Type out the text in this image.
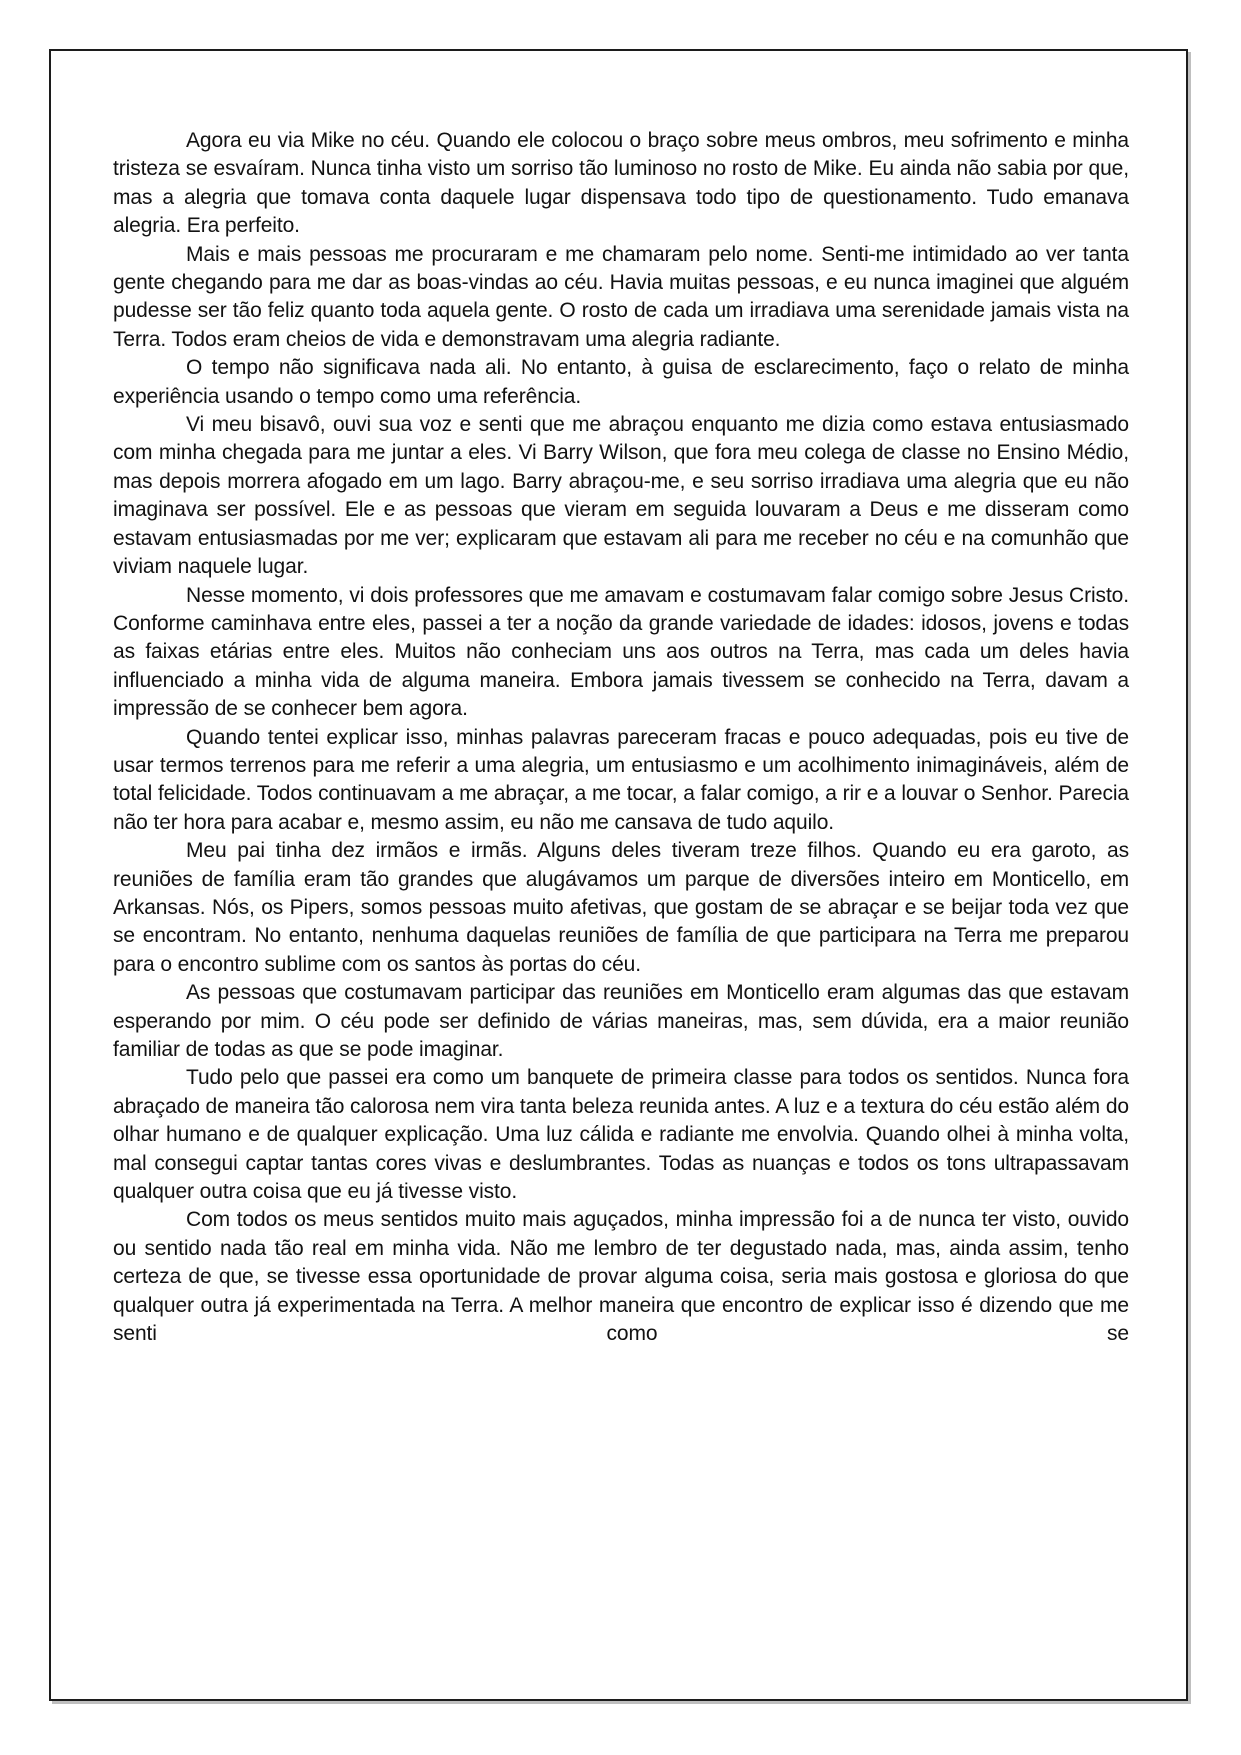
Agora eu via Mike no céu. Quando ele colocou o braço sobre meus ombros, meu sofrimento e minha tristeza se esvaíram. Nunca tinha visto um sorriso tão luminoso no rosto de Mike. Eu ainda não sabia por que, mas a alegria que tomava conta daquele lugar dispensava todo tipo de questionamento. Tudo emanava alegria. Era perfeito.

Mais e mais pessoas me procuraram e me chamaram pelo nome. Senti-me intimidado ao ver tanta gente chegando para me dar as boas-vindas ao céu. Havia muitas pessoas, e eu nunca imaginei que alguém pudesse ser tão feliz quanto toda aquela gente. O rosto de cada um irradiava uma serenidade jamais vista na Terra. Todos eram cheios de vida e demonstravam uma alegria radiante.

O tempo não significava nada ali. No entanto, à guisa de esclarecimento, faço o relato de minha experiência usando o tempo como uma referência.

Vi meu bisavô, ouvi sua voz e senti que me abraçou enquanto me dizia como estava entusiasmado com minha chegada para me juntar a eles. Vi Barry Wilson, que fora meu colega de classe no Ensino Médio, mas depois morrera afogado em um lago. Barry abraçou-me, e seu sorriso irradiava uma alegria que eu não imaginava ser possível. Ele e as pessoas que vieram em seguida louvaram a Deus e me disseram como estavam entusiasmadas por me ver; explicaram que estavam ali para me receber no céu e na comunhão que viviam naquele lugar.

Nesse momento, vi dois professores que me amavam e costumavam falar comigo sobre Jesus Cristo. Conforme caminhava entre eles, passei a ter a noção da grande variedade de idades: idosos, jovens e todas as faixas etárias entre eles. Muitos não conheciam uns aos outros na Terra, mas cada um deles havia influenciado a minha vida de alguma maneira. Embora jamais tivessem se conhecido na Terra, davam a impressão de se conhecer bem agora.

Quando tentei explicar isso, minhas palavras pareceram fracas e pouco adequadas, pois eu tive de usar termos terrenos para me referir a uma alegria, um entusiasmo e um acolhimento inimagináveis, além de total felicidade. Todos continuavam a me abraçar, a me tocar, a falar comigo, a rir e a louvar o Senhor. Parecia não ter hora para acabar e, mesmo assim, eu não me cansava de tudo aquilo.

Meu pai tinha dez irmãos e irmãs. Alguns deles tiveram treze filhos. Quando eu era garoto, as reuniões de família eram tão grandes que alugávamos um parque de diversões inteiro em Monticello, em Arkansas. Nós, os Pipers, somos pessoas muito afetivas, que gostam de se abraçar e se beijar toda vez que se encontram. No entanto, nenhuma daquelas reuniões de família de que participara na Terra me preparou para o encontro sublime com os santos às portas do céu.

As pessoas que costumavam participar das reuniões em Monticello eram algumas das que estavam esperando por mim. O céu pode ser definido de várias maneiras, mas, sem dúvida, era a maior reunião familiar de todas as que se pode imaginar.

Tudo pelo que passei era como um banquete de primeira classe para todos os sentidos. Nunca fora abraçado de maneira tão calorosa nem vira tanta beleza reunida antes. A luz e a textura do céu estão além do olhar humano e de qualquer explicação. Uma luz cálida e radiante me envolvia. Quando olhei à minha volta, mal consegui captar tantas cores vivas e deslumbrantes. Todas as nuanças e todos os tons ultrapassavam qualquer outra coisa que eu já tivesse visto.

Com todos os meus sentidos muito mais aguçados, minha impressão foi a de nunca ter visto, ouvido ou sentido nada tão real em minha vida. Não me lembro de ter degustado nada, mas, ainda assim, tenho certeza de que, se tivesse essa oportunidade de provar alguma coisa, seria mais gostosa e gloriosa do que qualquer outra já experimentada na Terra. A melhor maneira que encontro de explicar isso é dizendo que me senti como se
